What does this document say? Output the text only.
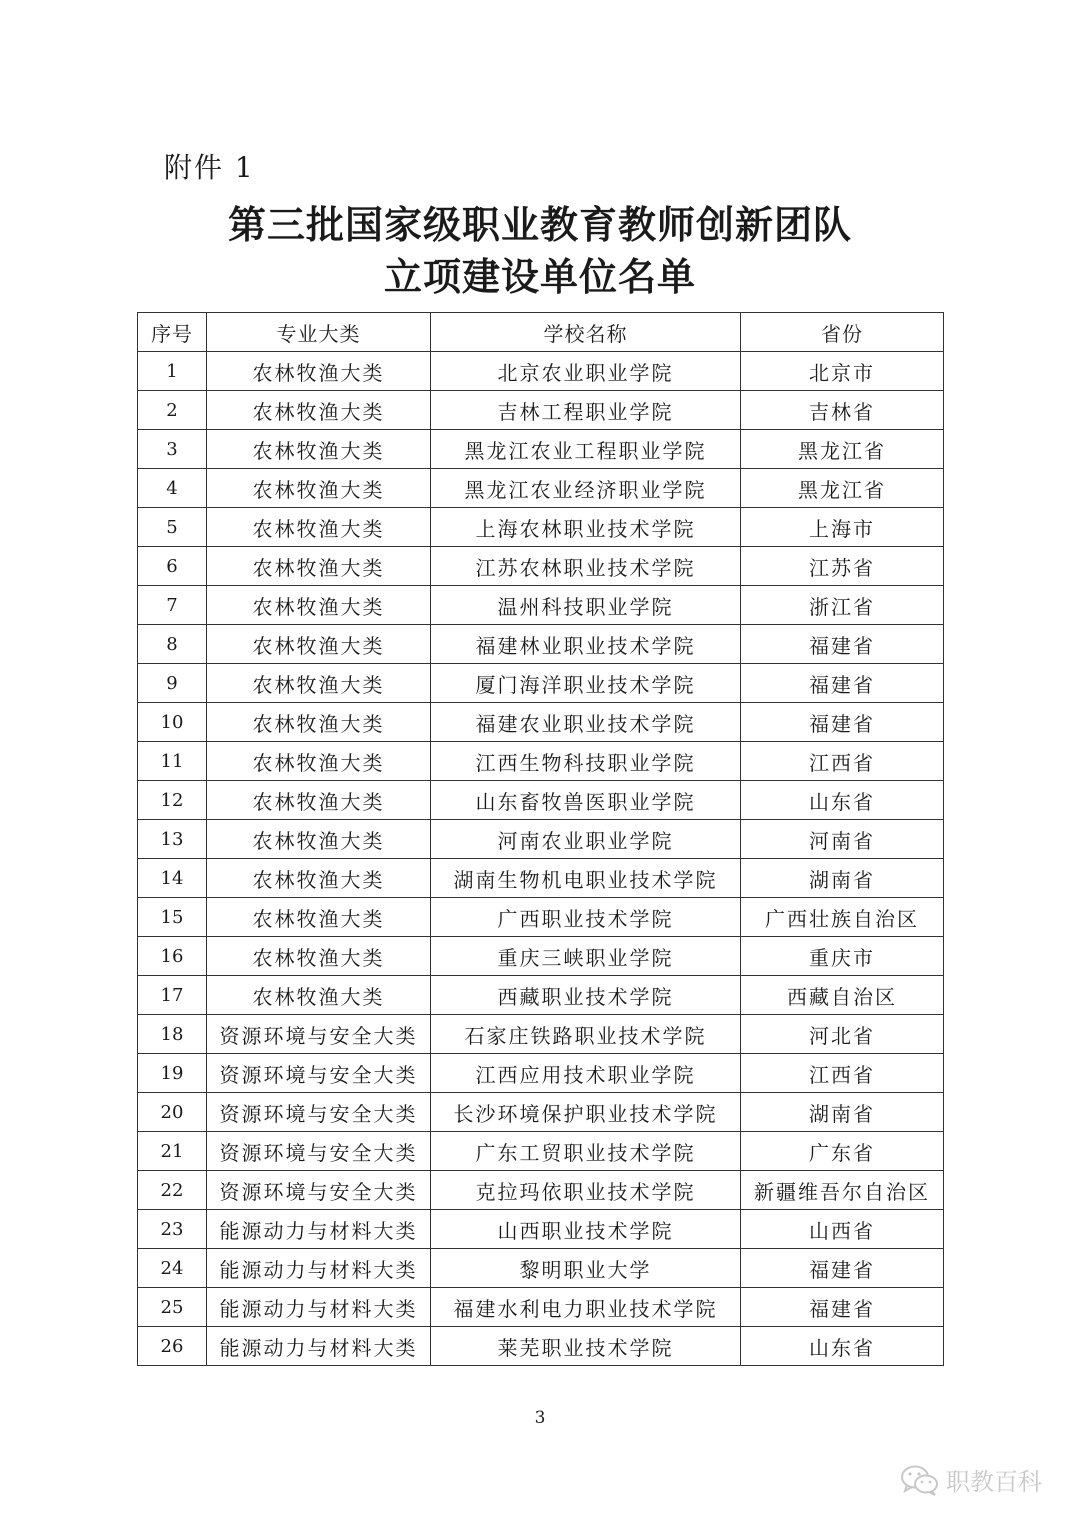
附件 1
第三批国家级职业教育教师创新团队
立项建设单位名单
序号	专业大类	学校名称	省份
1	农林牧渔大类	北京农业职业学院	北京市
2	农林牧渔大类	吉林工程职业学院	吉林省
3	农林牧渔大类	黑龙江农业工程职业学院	黑龙江省
4	农林牧渔大类	黑龙江农业经济职业学院	黑龙江省
5	农林牧渔大类	上海农林职业技术学院	上海市
6	农林牧渔大类	江苏农林职业技术学院	江苏省
7	农林牧渔大类	温州科技职业学院	浙江省
8	农林牧渔大类	福建林业职业技术学院	福建省
9	农林牧渔大类	厦门海洋职业技术学院	福建省
10	农林牧渔大类	福建农业职业技术学院	福建省
11	农林牧渔大类	江西生物科技职业学院	江西省
12	农林牧渔大类	山东畜牧兽医职业学院	山东省
13	农林牧渔大类	河南农业职业学院	河南省
14	农林牧渔大类	湖南生物机电职业技术学院	湖南省
15	农林牧渔大类	广西职业技术学院	广西壮族自治区
16	农林牧渔大类	重庆三峡职业学院	重庆市
17	农林牧渔大类	西藏职业技术学院	西藏自治区
18	资源环境与安全大类	石家庄铁路职业技术学院	河北省
19	资源环境与安全大类	江西应用技术职业学院	江西省
20	资源环境与安全大类	长沙环境保护职业技术学院	湖南省
21	资源环境与安全大类	广东工贸职业技术学院	广东省
22	资源环境与安全大类	克拉玛依职业技术学院	新疆维吾尔自治区
23	能源动力与材料大类	山西职业技术学院	山西省
24	能源动力与材料大类	黎明职业大学	福建省
25	能源动力与材料大类	福建水利电力职业技术学院	福建省
26	能源动力与材料大类	莱芜职业技术学院	山东省
3
职教百科
